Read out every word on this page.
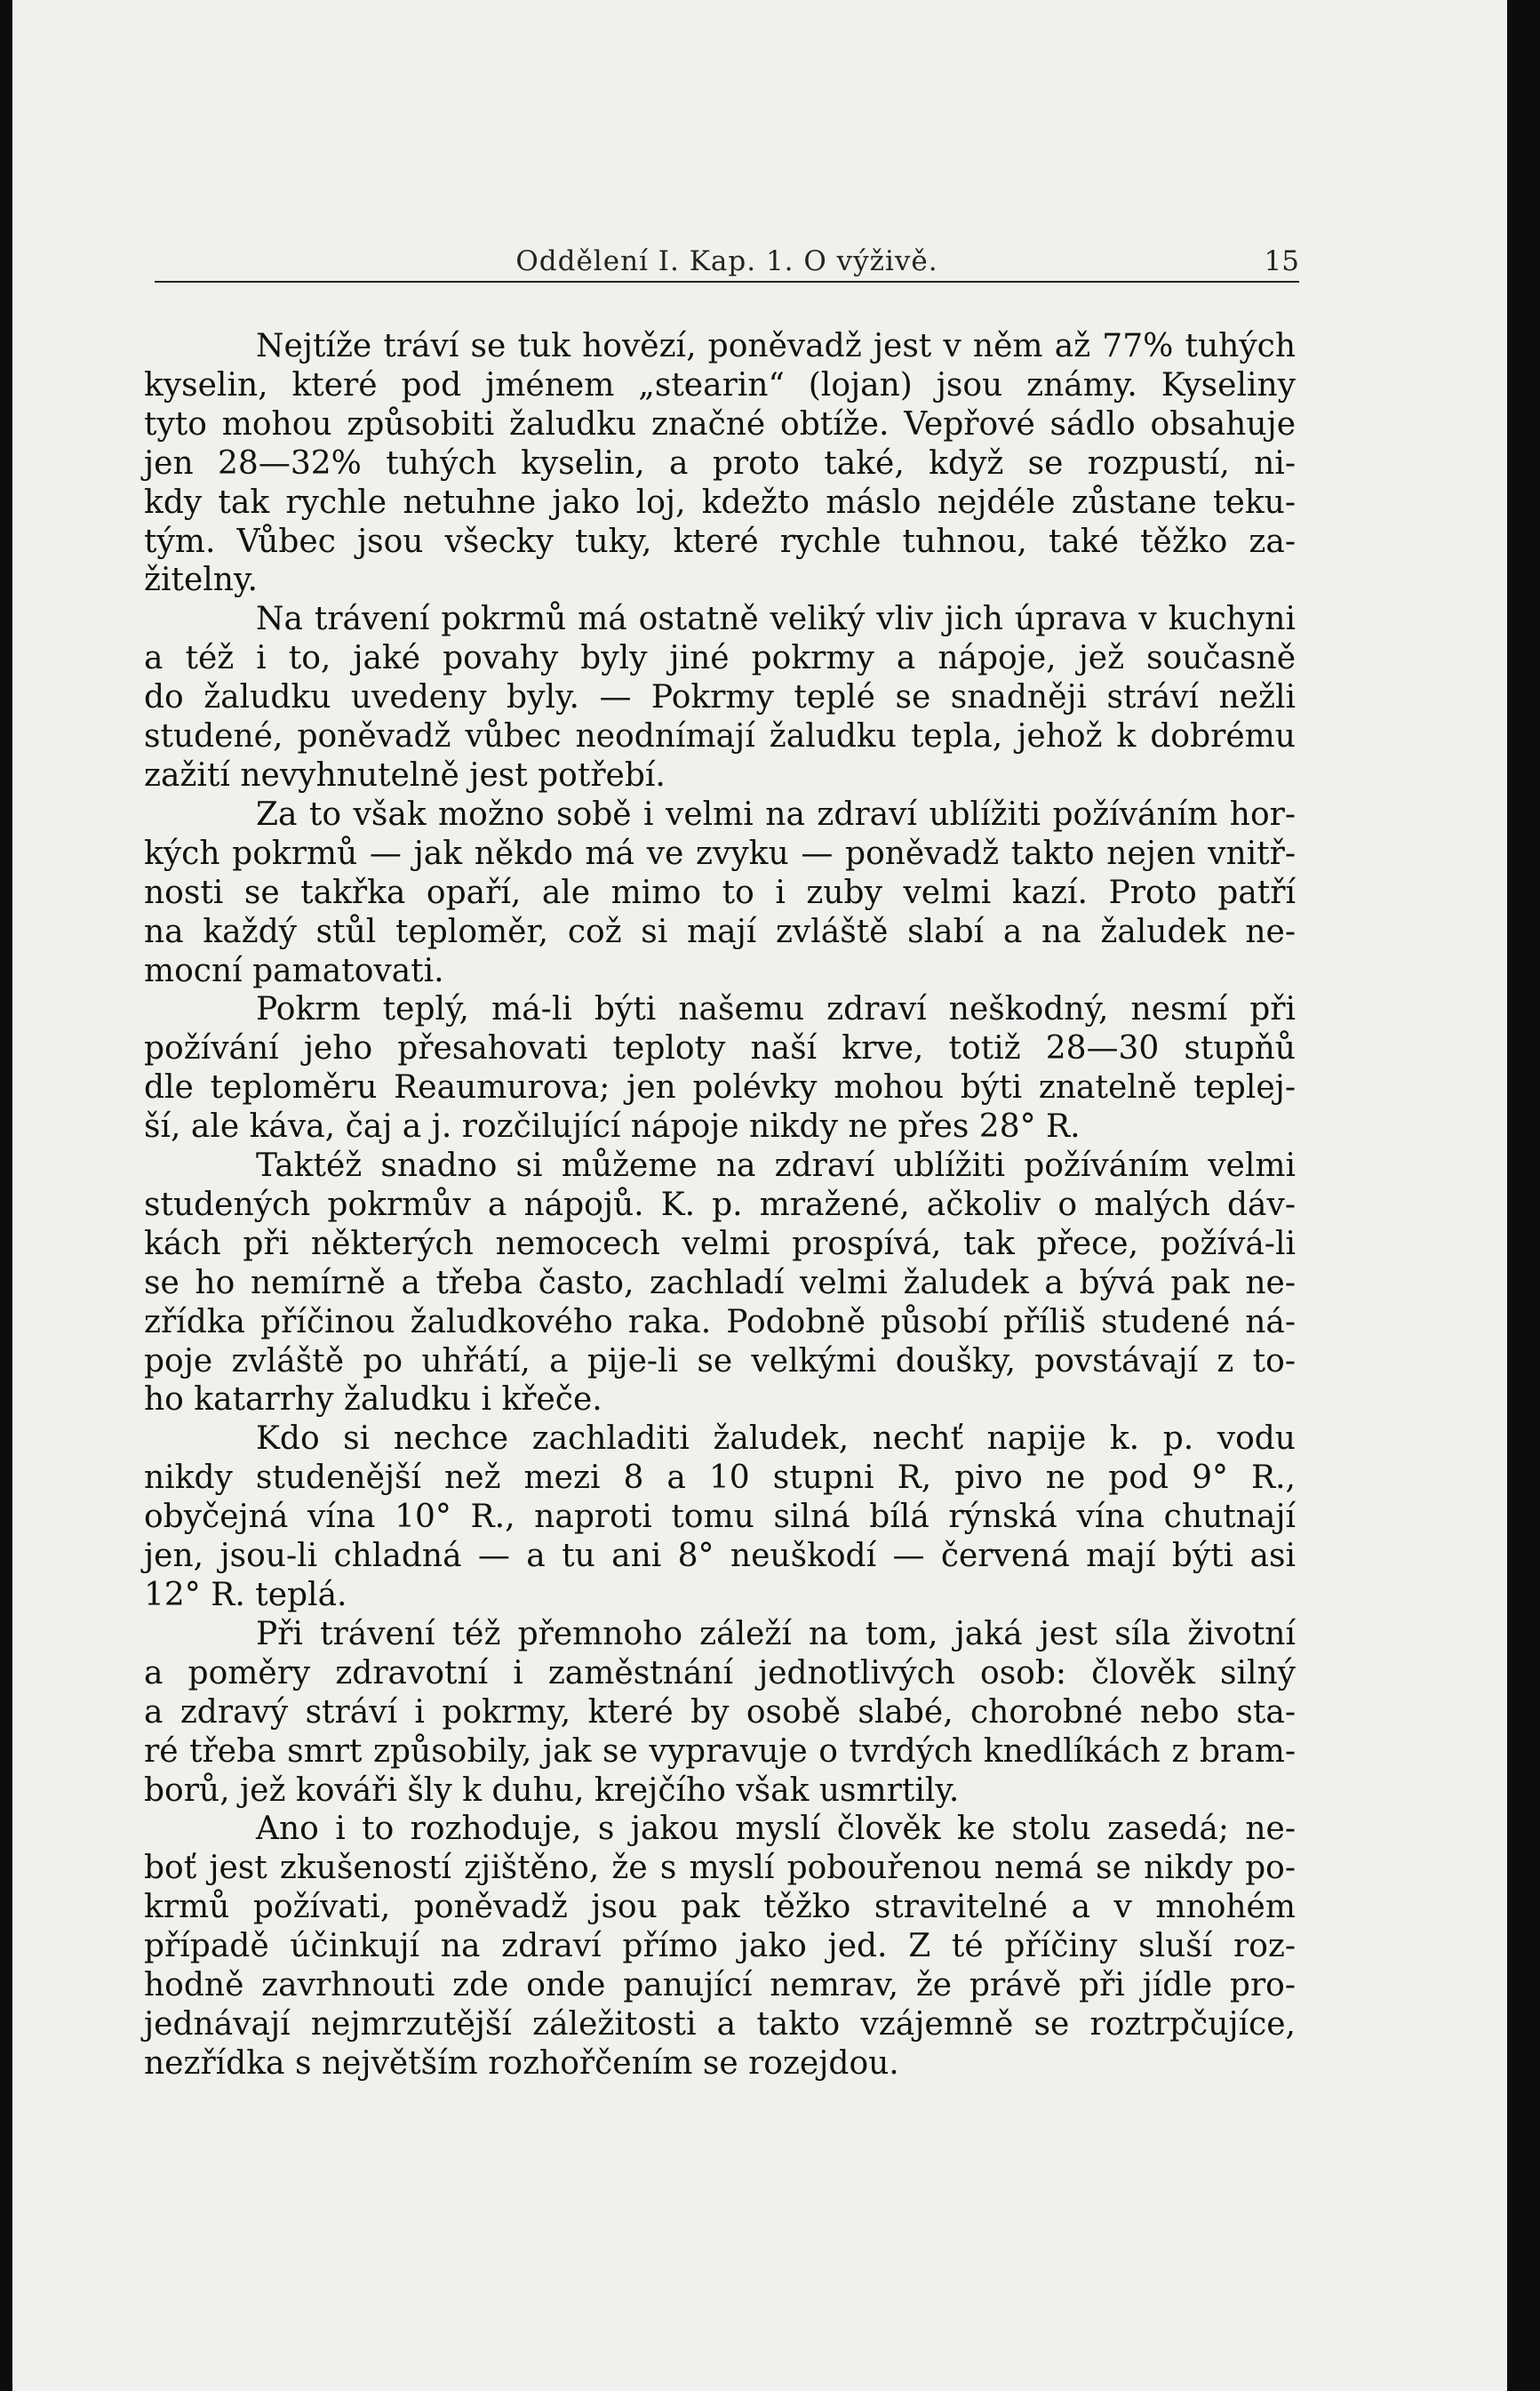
Oddělení I. Kap. 1. O výživě.	15
Nejtíže tráví se tuk hovězí, poněvadž jest v něm až 77% tuhých
kyselin, které pod jménem „stearin“ (lojan) jsou známy. Kyseliny
tyto mohou způsobiti žaludku značné obtíže. Vepřové sádlo obsahuje
jen 28—32% tuhých kyselin, a proto také, když se rozpustí, ni-
kdy tak rychle netuhne jako loj, kdežto máslo nejdéle zůstane teku-
tým. Vůbec jsou všecky tuky, které rychle tuhnou, také těžko za-
žitelny.
Na trávení pokrmů má ostatně veliký vliv jich úprava v kuchyni
a též i to, jaké povahy byly jiné pokrmy a nápoje, jež současně
do žaludku uvedeny byly. — Pokrmy teplé se snadněji stráví nežli
studené, poněvadž vůbec neodnímají žaludku tepla, jehož k dobrému
zažití nevyhnutelně jest potřebí.
Za to však možno sobě i velmi na zdraví ublížiti požíváním hor-
kých pokrmů — jak někdo má ve zvyku — poněvadž takto nejen vnitř-
nosti se takřka opaří, ale mimo to i zuby velmi kazí. Proto patří
na každý stůl teploměr, což si mají zvláště slabí a na žaludek ne-
mocní pamatovati.
Pokrm teplý, má-li býti našemu zdraví neškodný, nesmí při
požívání jeho přesahovati teploty naší krve, totiž 28—30 stupňů
dle teploměru Reaumurova; jen polévky mohou býti znatelně teplej-
ší, ale káva, čaj a j. rozčilující nápoje nikdy ne přes 28° R.
Taktéž snadno si můžeme na zdraví ublížiti požíváním velmi
studených pokrmův a nápojů. K. p. mražené, ačkoliv o malých dáv-
kách při některých nemocech velmi prospívá, tak přece, požívá-li
se ho nemírně a třeba často, zachladí velmi žaludek a bývá pak ne-
zřídka příčinou žaludkového raka. Podobně působí příliš studené ná-
poje zvláště po uhřátí, a pije-li se velkými doušky, povstávají z to-
ho katarrhy žaludku i křeče.
Kdo si nechce zachladiti žaludek, nechť napije k. p. vodu
nikdy studenější než mezi 8 a 10 stupni R, pivo ne pod 9° R.,
obyčejná vína 10° R., naproti tomu silná bílá rýnská vína chutnají
jen, jsou-li chladná — a tu ani 8° neuškodí — červená mají býti asi
12° R. teplá.
Při trávení též přemnoho záleží na tom, jaká jest síla životní
a poměry zdravotní i zaměstnání jednotlivých osob: člověk silný
a zdravý stráví i pokrmy, které by osobě slabé, chorobné nebo sta-
ré třeba smrt způsobily, jak se vypravuje o tvrdých knedlíkách z bram-
borů, jež kováři šly k duhu, krejčího však usmrtily.
Ano i to rozhoduje, s jakou myslí člověk ke stolu zasedá; ne-
boť jest zkušeností zjištěno, že s myslí pobouřenou nemá se nikdy po-
krmů požívati, poněvadž jsou pak těžko stravitelné a v mnohém
případě účinkují na zdraví přímo jako jed. Z té příčiny sluší roz-
hodně zavrhnouti zde onde panující nemrav, že právě při jídle pro-
jednávají nejmrzutější záležitosti a takto vzájemně se roztrpčujíce,
nezřídka s největším rozhořčením se rozejdou.
